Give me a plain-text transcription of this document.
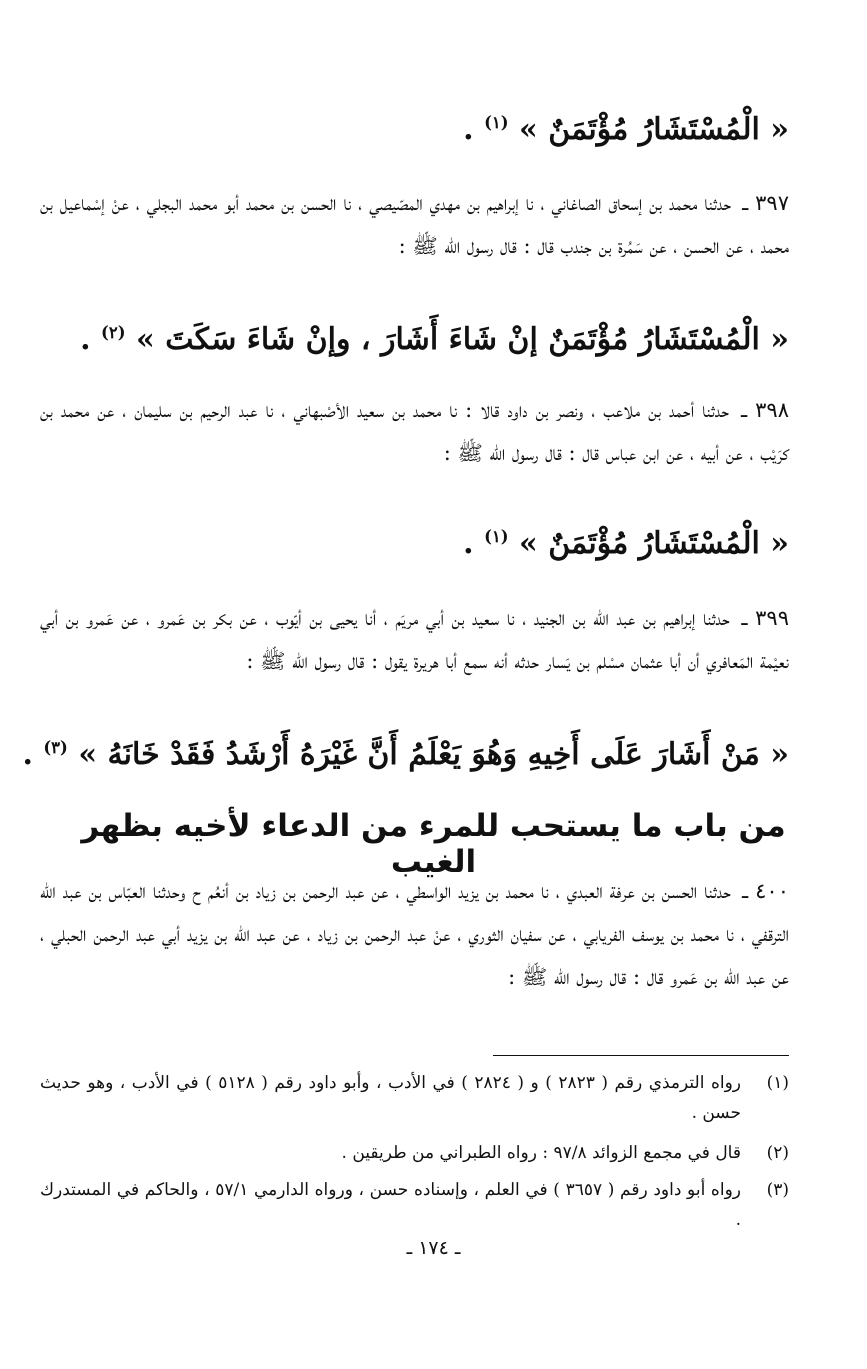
« الْمُسْتَشَارُ مُؤْتَمَنٌ » $^{(١)}$ .
٣٩٧ ـ حدثنا محمد بن إسحاق الصاغاني ، نا إبراهيم بن مهدي المصّيصي ، نا الحسن بن محمد أبو محمد البجلي ، عنْ إسْماعيل بن محمد ، عن الحسن ، عن سَمُرة بن جندب قال : قال رسول الله ﷺ :
« الْمُسْتَشَارُ مُؤْتَمَنٌ إنْ شَاءَ أَشَارَ ، وإنْ شَاءَ سَكَتَ » $^{(٢)}$ .
٣٩٨ ـ حدثنا أحمد بن ملاعب ، ونصر بن داود قالا : نا محمد بن سعيد الأصْبهاني ، نا عبد الرحيم بن سليمان ، عن محمد بن كرَيْب ، عن أبيه ، عن ابن عباس قال : قال رسول الله ﷺ :
« الْمُسْتَشَارُ مُؤْتَمَنٌ » $^{(١)}$ .
٣٩٩ ـ حدثنا إبراهيم بن عبد الله بن الجنيد ، نا سعيد بن أبي مريَم ، أنا يحيى بن أيّوب ، عن بكر بن عَمرو ، عن عَمرو بن أبي نعيْمة المَعافري أن أبا عثمان مسْلم بن يَسار حدثه أنه سمع أبا هريرة يقول : قال رسول الله ﷺ :
« مَنْ أَشَارَ عَلَى أَخِيهِ وَهُوَ يَعْلَمُ أَنَّ غَيْرَهُ أَرْشَدُ فَقَدْ خَانَهُ » $^{(٣)}$ .
من باب ما يستحب للمرء من الدعاء لأخيه بظهر الغيب
٤٠٠ ـ حدثنا الحسن بن عرفة العبدي ، نا محمد بن يزيد الواسطي ، عن عبد الرحمن بن زياد بن أنعُم ح وحدثنا العبّاس بن عبد الله الترقفي ، نا محمد بن يوسف الفريابي ، عن سفيان الثوري ، عنْ عبد الرحمن بن زياد ، عن عبد الله بن يزيد أبي عبد الرحمن الحبلي ، عن عبد الله بن عَمرو قال : قال رسول الله ﷺ :
(١)
رواه الترمذي رقم ( ٢٨٢٣ ) و ( ٢٨٢٤ ) في الأدب ، وأبو داود رقم ( ٥١٢٨ ) في الأدب ، وهو حديث حسن .
(٢)
قال في مجمع الزوائد ٩٧/٨ : رواه الطبراني من طريقين .
(٣)
رواه أبو داود رقم ( ٣٦٥٧ ) في العلم ، وإسناده حسن ، ورواه الدارمي ٥٧/١ ، والحاكم في المستدرك .
ـ ١٧٤ ـ
